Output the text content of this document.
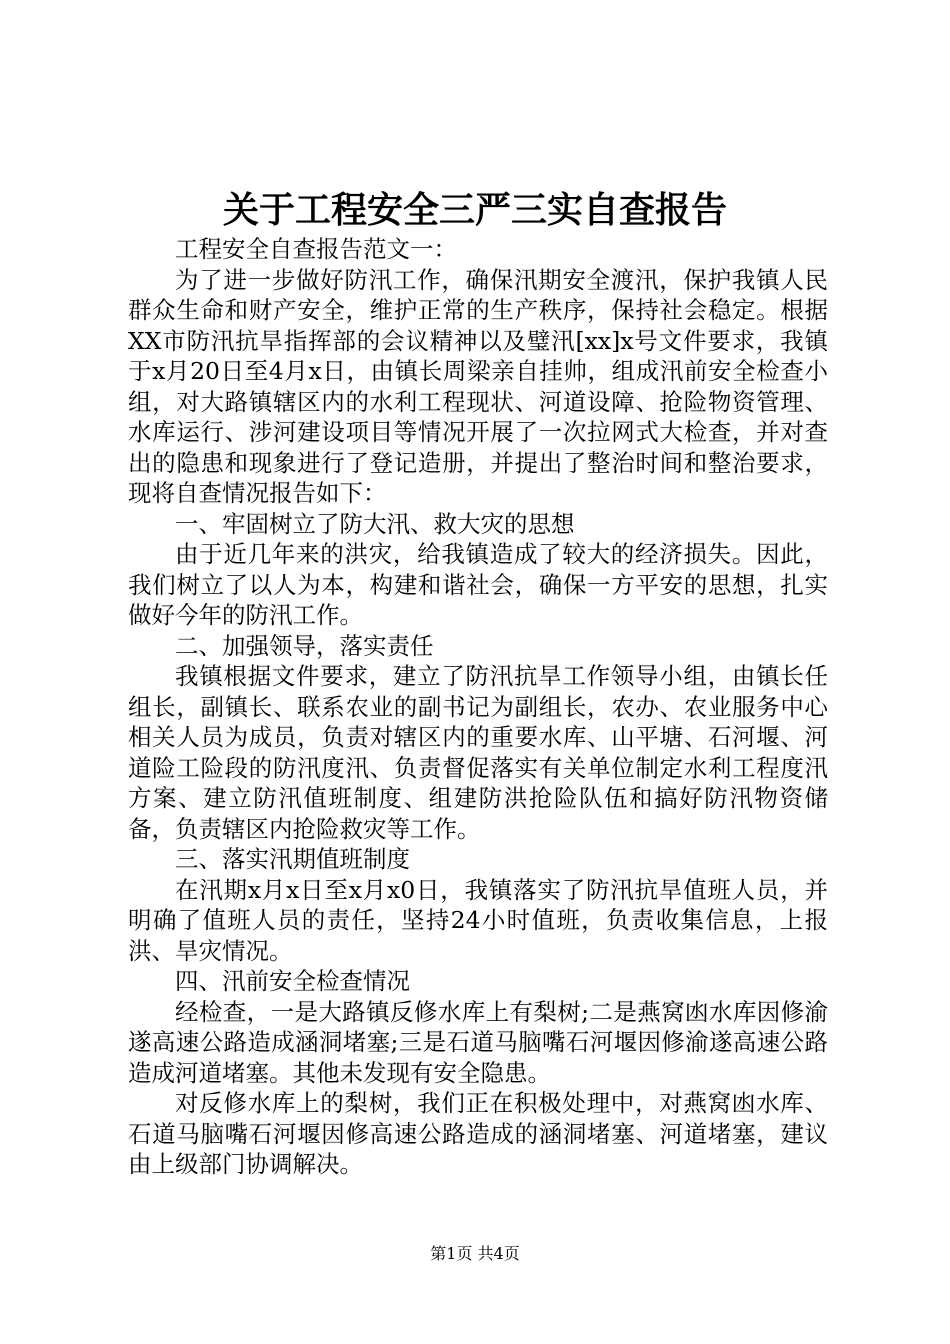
关于工程安全三严三实自查报告

工程安全自查报告范文一：

为了进一步做好防汛工作，确保汛期安全渡汛，保护我镇人民群众生命和财产安全，维护正常的生产秩序，保持社会稳定。根据XX市防汛抗旱指挥部的会议精神以及璧汛[xx]x号文件要求，我镇于x月20日至4月x日，由镇长周梁亲自挂帅，组成汛前安全检查小组，对大路镇辖区内的水利工程现状、河道设障、抢险物资管理、水库运行、涉河建设项目等情况开展了一次拉网式大检查，并对查出的隐患和现象进行了登记造册，并提出了整治时间和整治要求，现将自查情况报告如下：

一、牢固树立了防大汛、救大灾的思想

由于近几年来的洪灾，给我镇造成了较大的经济损失。因此，我们树立了以人为本，构建和谐社会，确保一方平安的思想，扎实做好今年的防汛工作。

二、加强领导，落实责任

我镇根据文件要求，建立了防汛抗旱工作领导小组，由镇长任组长，副镇长、联系农业的副书记为副组长，农办、农业服务中心相关人员为成员，负责对辖区内的重要水库、山平塘、石河堰、河道险工险段的防汛度汛、负责督促落实有关单位制定水利工程度汛方案、建立防汛值班制度、组建防洪抢险队伍和搞好防汛物资储备，负责辖区内抢险救灾等工作。

三、落实汛期值班制度

在汛期x月x日至x月x0日，我镇落实了防汛抗旱值班人员，并明确了值班人员的责任，坚持24小时值班，负责收集信息，上报洪、旱灾情况。

四、汛前安全检查情况

经检查，一是大路镇反修水库上有梨树;二是燕窝凼水库因修渝遂高速公路造成涵洞堵塞;三是石道马脑嘴石河堰因修渝遂高速公路造成河道堵塞。其他未发现有安全隐患。

对反修水库上的梨树，我们正在积极处理中，对燕窝凼水库、石道马脑嘴石河堰因修高速公路造成的涵洞堵塞、河道堵塞，建议由上级部门协调解决。

第1页 共4页
